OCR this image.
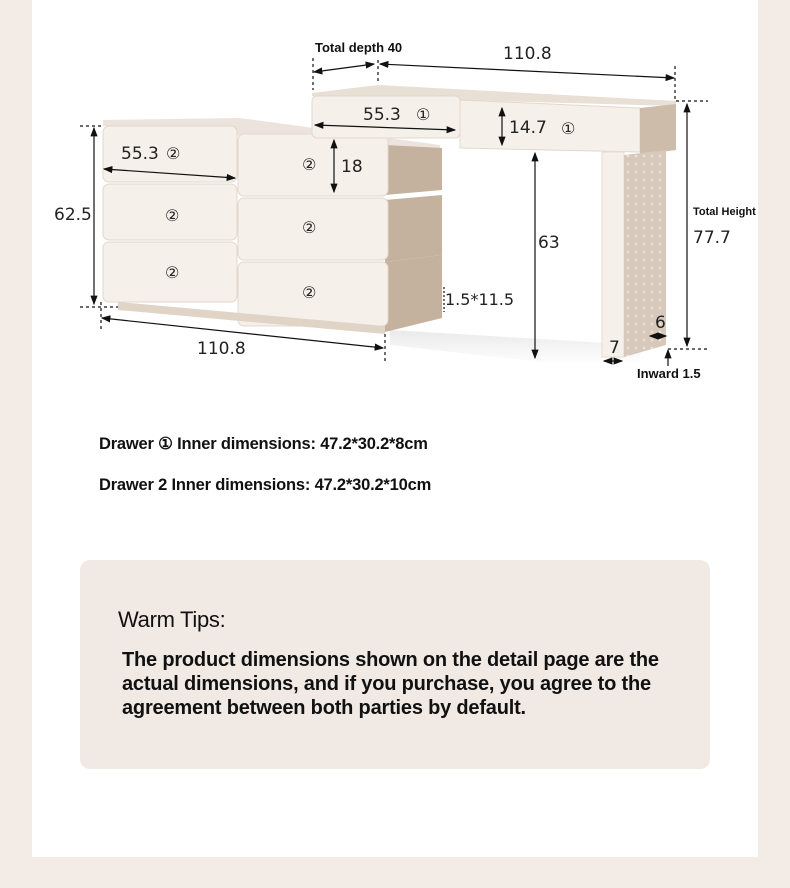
Total depth 40	110.8
55.3 ①
14.7 ①
63
Total Height
77.7
6
7
Inward 1.5
62.5
110.8
55.3 ②
18
②
②
②
②
②	1.5*11.5
Drawer ① Inner dimensions: 47.2*30.2*8cm
Drawer 2 Inner dimensions: 47.2*30.2*10cm
Warm Tips:
The product dimensions shown on the detail page are the actual dimensions, and if you purchase, you agree to the agreement between both parties by default.
